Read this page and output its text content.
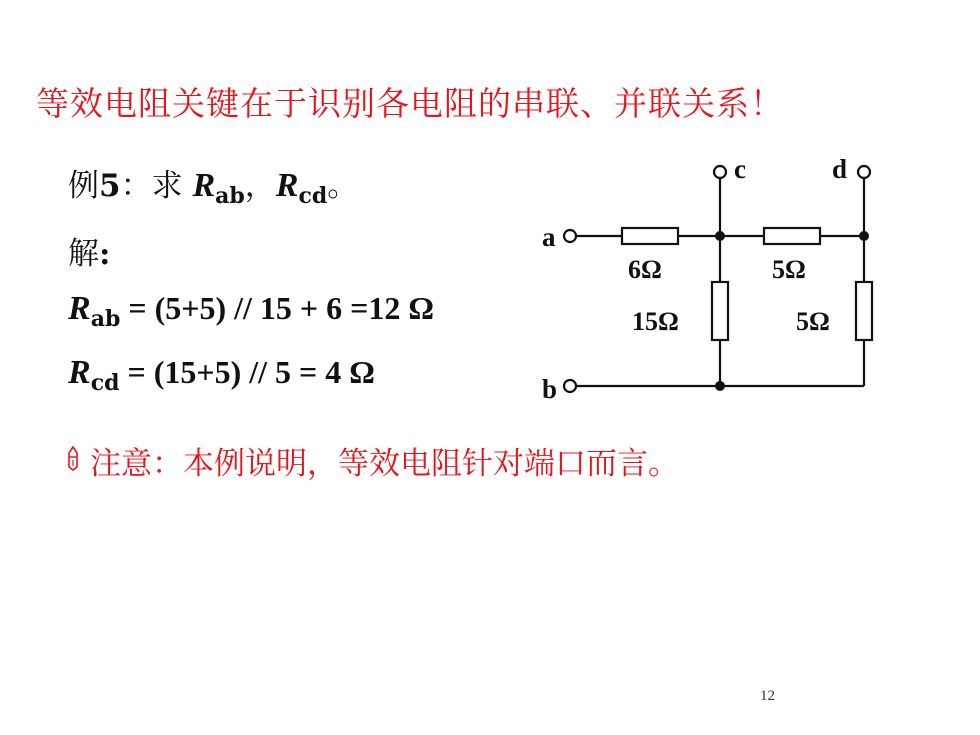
等效电阻关键在于识别各电阻的串联、并联关系！
例5：求 $R_{ab}$，$R_{cd}$。
解:
$R_{ab} = (5+5) // 15 + 6 =12$ Ω
$R_{cd} = (15+5) // 5 = 4$ Ω
a
b
c	d
6Ω	5Ω
15Ω	5Ω
注意：本例说明，等效电阻针对端口而言。
12
